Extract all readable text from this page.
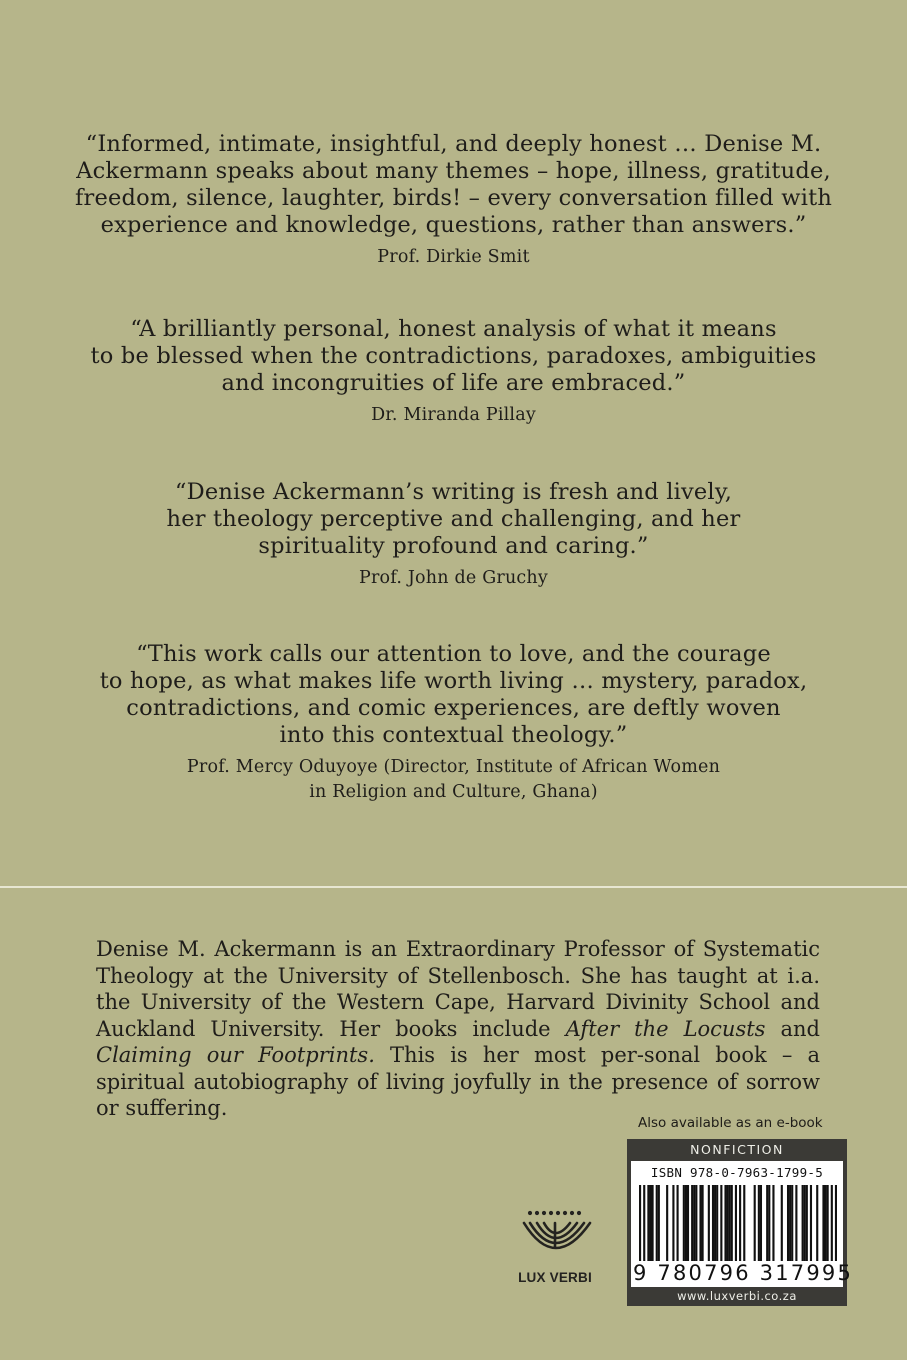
“Informed, intimate, insightful, and deeply honest … Denise M.
Ackermann speaks about many themes – hope, illness, gratitude,
freedom, silence, laughter, birds! – every conversation filled with
experience and knowledge, questions, rather than answers.”

Prof. Dirkie Smit

“A brilliantly personal, honest analysis of what it means
to be blessed when the contradictions, paradoxes, ambiguities
and incongruities of life are embraced.”

Dr. Miranda Pillay

“Denise Ackermann’s writing is fresh and lively,
her theology perceptive and challenging, and her
spirituality profound and caring.”

Prof. John de Gruchy

“This work calls our attention to love, and the courage
to hope, as what makes life worth living … mystery, paradox,
contradictions, and comic experiences, are deftly woven
into this contextual theology.”

Prof. Mercy Oduyoye (Director, Institute of African Women
in Religion and Culture, Ghana)

Denise M. Ackermann is an Extraordinary Professor of Systematic Theology at the University of Stellenbosch. She has taught at i.a. the University of the Western Cape, Harvard Divinity School and Auckland University. Her books include After the Locusts and Claiming our Footprints. This is her most per-sonal book – a spiritual autobiography of living joyfully in the presence of sorrow or suffering.

Also available as an e-book
LUX VERBI
NONFICTION
ISBN 978-0-7963-1799-5
9 780796 317995
www.luxverbi.co.za
